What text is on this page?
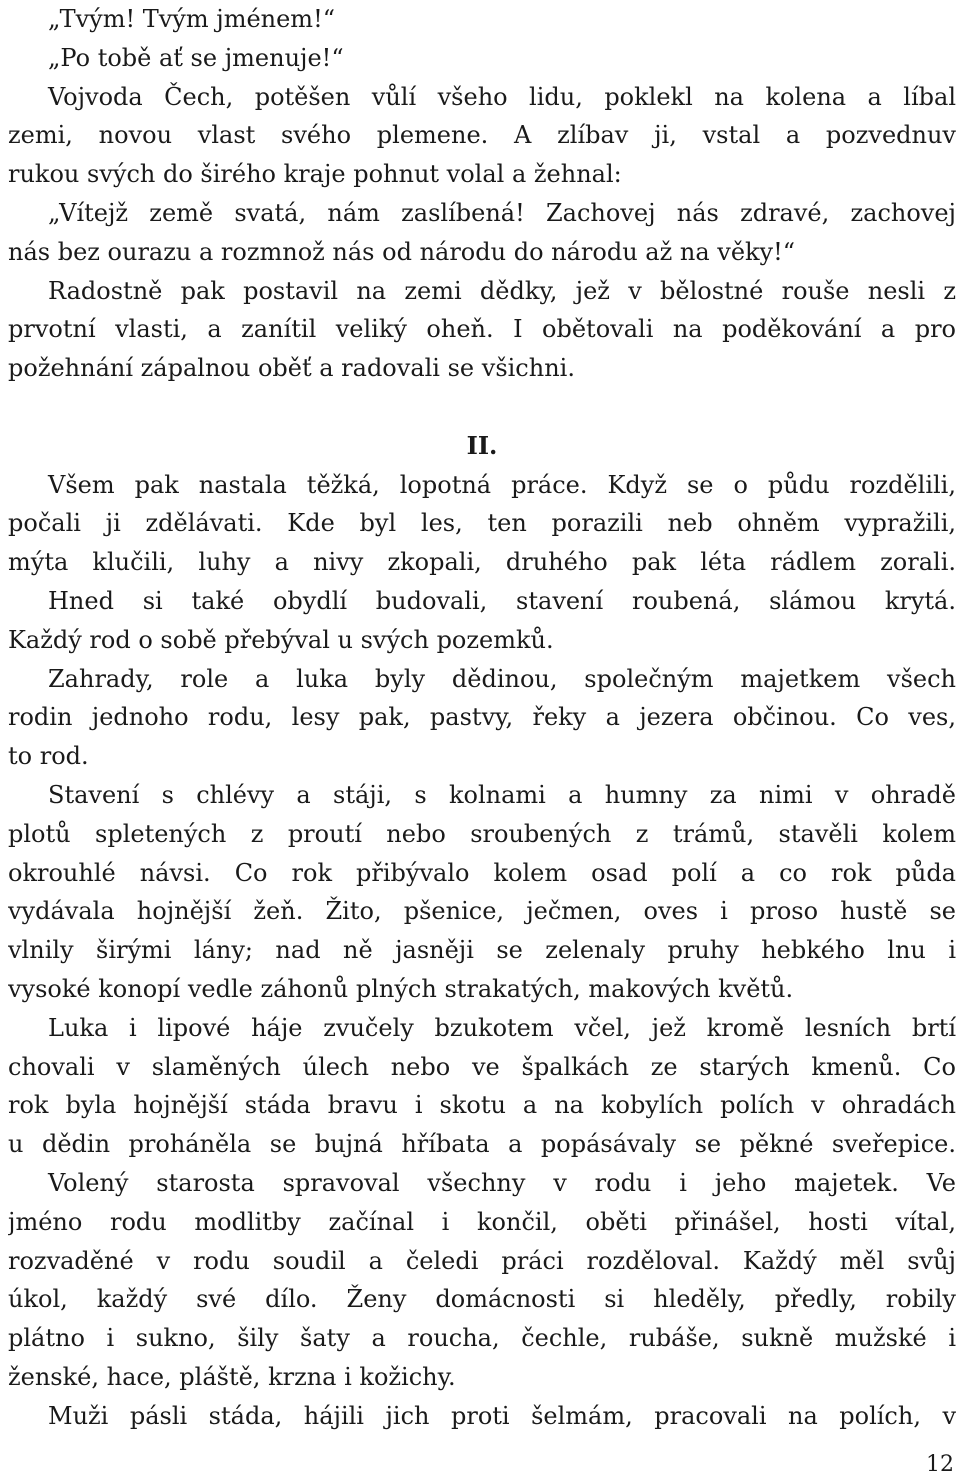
„Tvým! Tvým jménem!“
„Po tobě ať se jmenuje!“
Vojvoda Čech, potěšen vůlí všeho lidu, poklekl na kolena a líbal
zemi, novou vlast svého plemene. A zlíbav ji, vstal a pozvednuv
rukou svých do širého kraje pohnut volal a žehnal:
„Vítejž země svatá, nám zaslíbená! Zachovej nás zdravé, zachovej
nás bez ourazu a rozmnož nás od národu do národu až na věky!“
Radostně pak postavil na zemi dědky, jež v bělostné rouše nesli z
prvotní vlasti, a zanítil veliký oheň. I obětovali na poděkování a pro
požehnání zápalnou oběť a radovali se všichni.
II.
Všem pak nastala těžká, lopotná práce. Když se o půdu rozdělili,
počali ji zdělávati. Kde byl les, ten porazili neb ohněm vypražili,
mýta klučili, luhy a nivy zkopali, druhého pak léta rádlem zorali.
Hned si také obydlí budovali, stavení roubená, slámou krytá.
Každý rod o sobě přebýval u svých pozemků.
Zahrady, role a luka byly dědinou, společným majetkem všech
rodin jednoho rodu, lesy pak, pastvy, řeky a jezera občinou. Co ves,
to rod.
Stavení s chlévy a stáji, s kolnami a humny za nimi v ohradě
plotů spletených z proutí nebo sroubených z trámů, stavěli kolem
okrouhlé návsi. Co rok přibývalo kolem osad polí a co rok půda
vydávala hojnější žeň. Žito, pšenice, ječmen, oves i proso hustě se
vlnily širými lány; nad ně jasněji se zelenaly pruhy hebkého lnu i
vysoké konopí vedle záhonů plných strakatých, makových květů.
Luka i lipové háje zvučely bzukotem včel, jež kromě lesních brtí
chovali v slaměných úlech nebo ve špalkách ze starých kmenů. Co
rok byla hojnější stáda bravu i skotu a na kobylích polích v ohradách
u dědin proháněla se bujná hříbata a popásávaly se pěkné sveřepice.
Volený starosta spravoval všechny v rodu i jeho majetek. Ve
jméno rodu modlitby začínal i končil, oběti přinášel, hosti vítal,
rozvaděné v rodu soudil a čeledi práci rozděloval. Každý měl svůj
úkol, každý své dílo. Ženy domácnosti si hleděly, předly, robily
plátno i sukno, šily šaty a roucha, čechle, rubáše, sukně mužské i
ženské, hace, pláště, krzna i kožichy.
Muži pásli stáda, hájili jich proti šelmám, pracovali na polích, v
12
